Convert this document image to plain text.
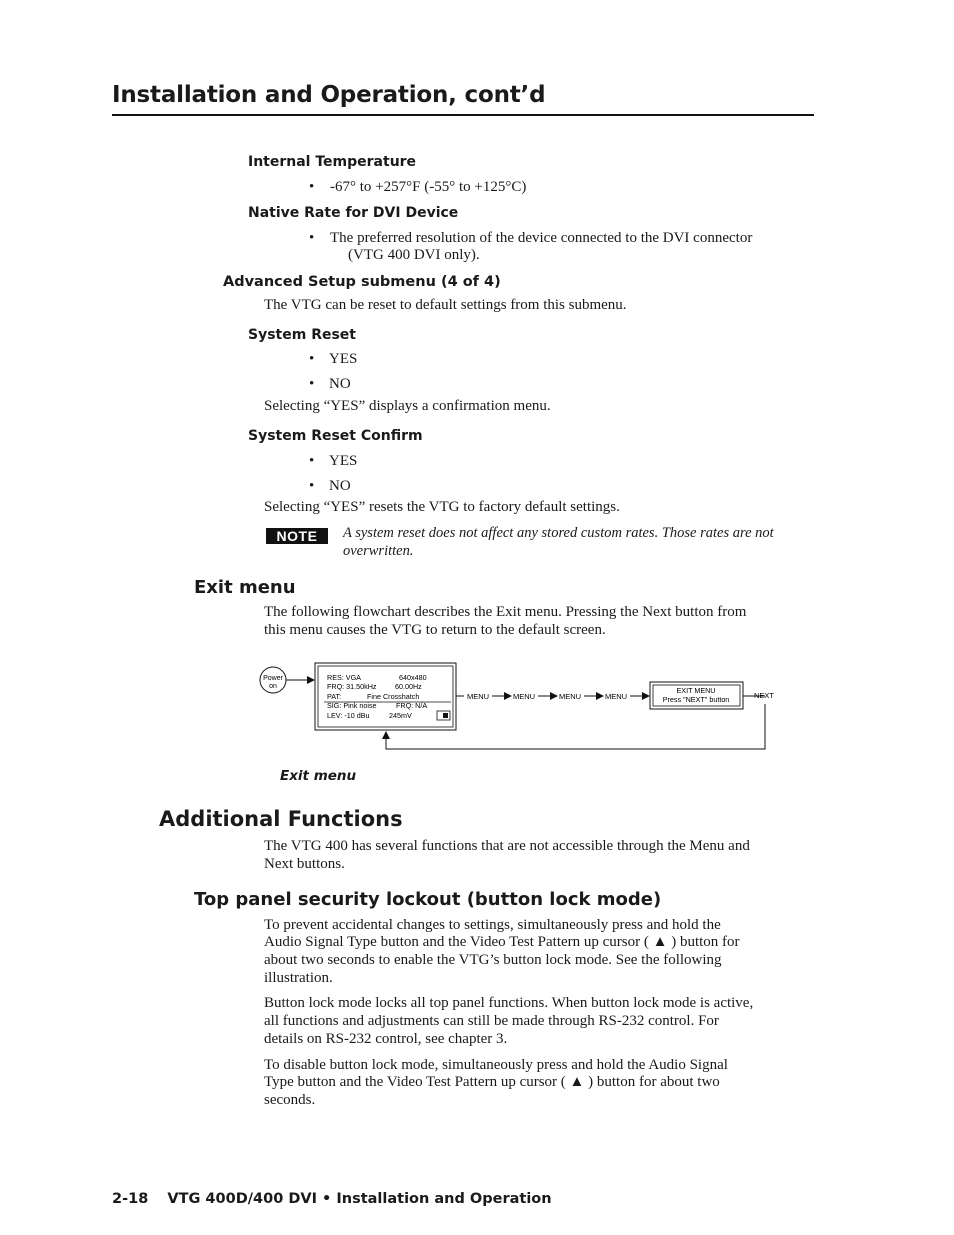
Installation and Operation, cont’d
Internal Temperature
• -67° to +257°F (-55° to +125°C)
Native Rate for DVI Device
• The preferred resolution of the device connected to the DVI connector
(VTG 400 DVI only).
Advanced Setup submenu (4 of 4)
The VTG can be reset to default settings from this submenu.
System Reset
• YES
• NO
Selecting “YES” displays a confirmation menu.
System Reset Confirm
• YES
• NO
Selecting “YES” resets the VTG to factory default settings.
NOTE	A system reset does not affect any stored custom rates. Those rates are not
overwritten.
Exit menu
The following flowchart describes the Exit menu. Pressing the Next button from
this menu causes the VTG to return to the default screen.
Power
on
RES: VGA	640x480
FRQ: 31.50kHz	60.00Hz
PAT:	Fine Crosshatch
SIG: Pink noise	FRQ: N/A
LEV: -10 dBu	245mV
MENU	MENU	MENU	MENU
EXIT MENU
Press "NEXT" button	NEXT
Exit menu
Additional Functions
The VTG 400 has several functions that are not accessible through the Menu and
Next buttons.
Top panel security lockout (button lock mode)
To prevent accidental changes to settings, simultaneously press and hold the
Audio Signal Type button and the Video Test Pattern up cursor ( ▲ ) button for
about two seconds to enable the VTG’s button lock mode. See the following
illustration.
Button lock mode locks all top panel functions. When button lock mode is active,
all functions and adjustments can still be made through RS-232 control. For
details on RS-232 control, see chapter 3.
To disable button lock mode, simultaneously press and hold the Audio Signal
Type button and the Video Test Pattern up cursor ( ▲ ) button for about two
seconds.
2-18 VTG 400D/400 DVI • Installation and Operation
